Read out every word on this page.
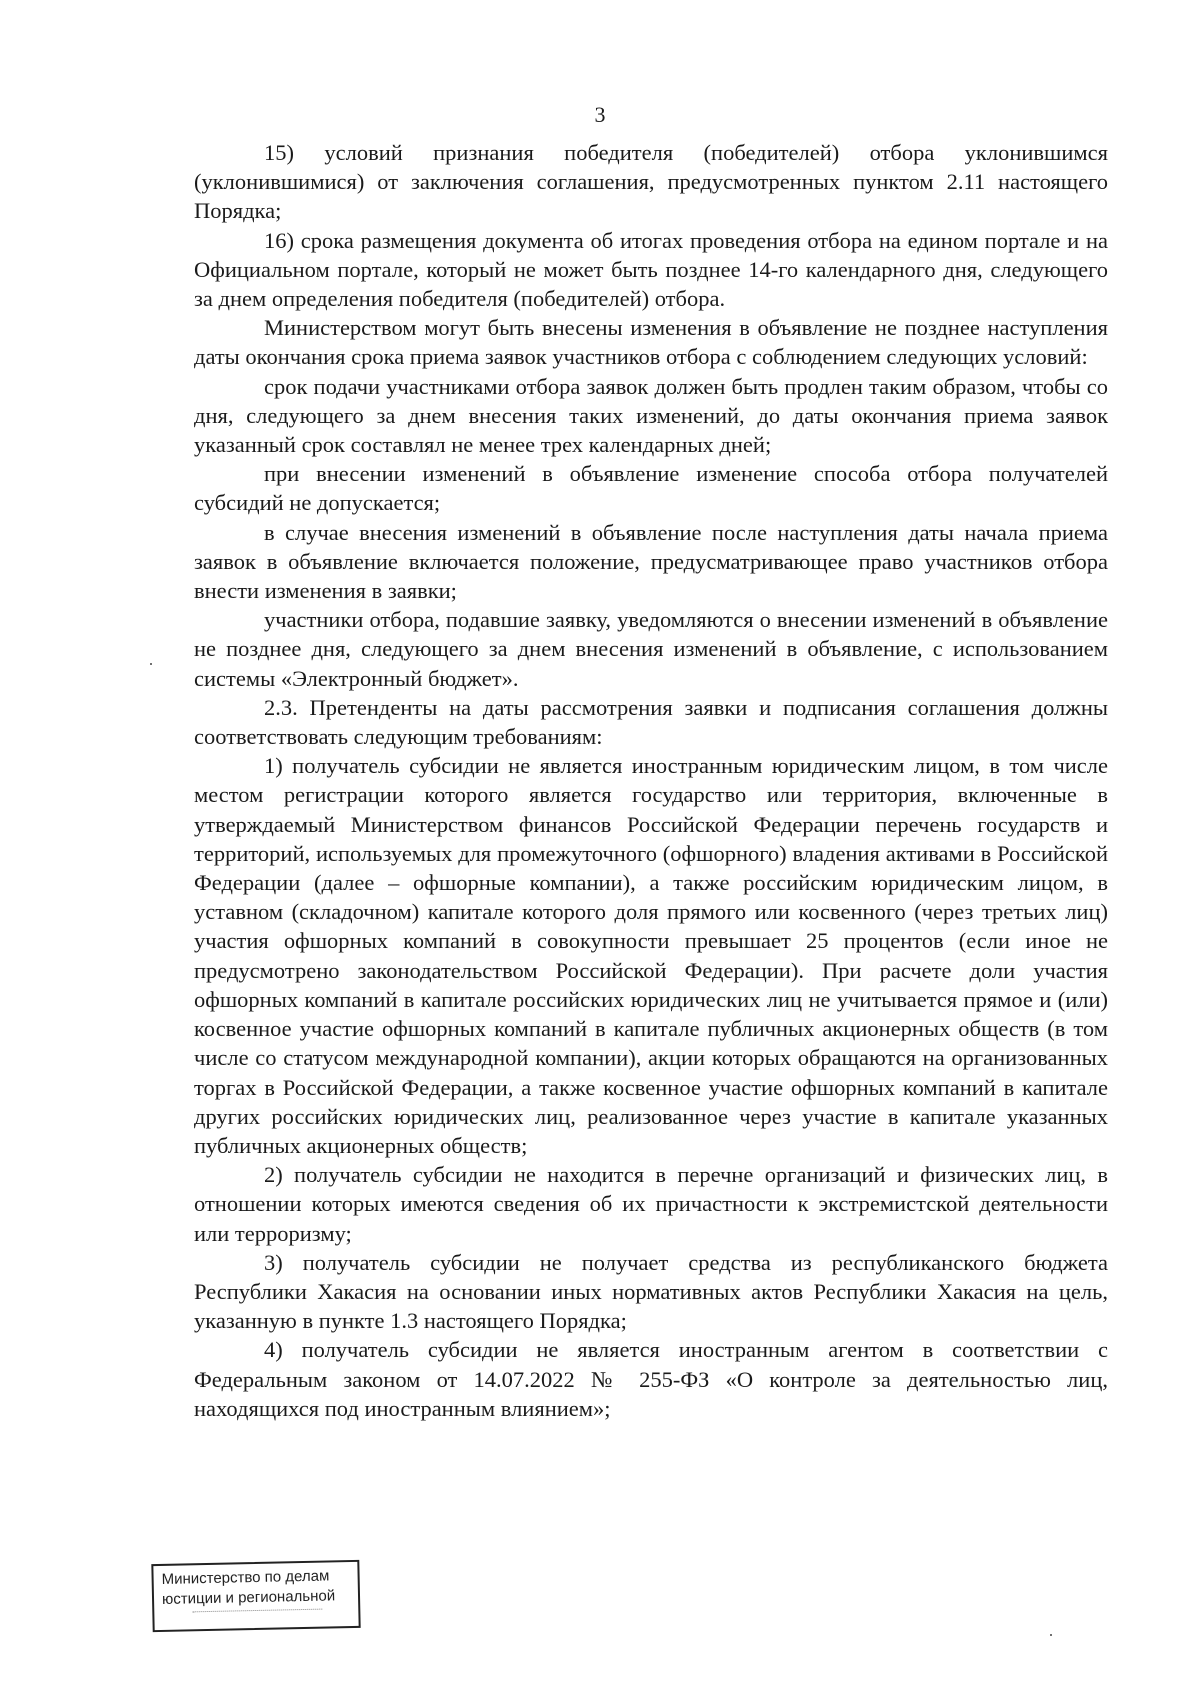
3

15) условий признания победителя (победителей) отбора уклонившимся (уклонившимися) от заключения соглашения, предусмотренных пунктом 2.11 настоящего Порядка;

16) срока размещения документа об итогах проведения отбора на едином портале и на Официальном портале, который не может быть позднее 14-го календарного дня, следующего за днем определения победителя (победителей) отбора.

Министерством могут быть внесены изменения в объявление не позднее наступления даты окончания срока приема заявок участников отбора с соблюдением следующих условий:

срок подачи участниками отбора заявок должен быть продлен таким образом, чтобы со дня, следующего за днем внесения таких изменений, до даты окончания приема заявок указанный срок составлял не менее трех календарных дней;

при внесении изменений в объявление изменение способа отбора получателей субсидий не допускается;

в случае внесения изменений в объявление после наступления даты начала приема заявок в объявление включается положение, предусматривающее право участников отбора внести изменения в заявки;

участники отбора, подавшие заявку, уведомляются о внесении изменений в объявление не позднее дня, следующего за днем внесения изменений в объявление, с использованием системы «Электронный бюджет».

2.3. Претенденты на даты рассмотрения заявки и подписания соглашения должны соответствовать следующим требованиям:

1) получатель субсидии не является иностранным юридическим лицом, в том числе местом регистрации которого является государство или территория, включенные в утверждаемый Министерством финансов Российской Федерации перечень государств и территорий, используемых для промежуточного (офшорного) владения активами в Российской Федерации (далее – офшорные компании), а также российским юридическим лицом, в уставном (складочном) капитале которого доля прямого или косвенного (через третьих лиц) участия офшорных компаний в совокупности превышает 25 процентов (если иное не предусмотрено законодательством Российской Федерации). При расчете доли участия офшорных компаний в капитале российских юридических лиц не учитывается прямое и (или) косвенное участие офшорных компаний в капитале публичных акционерных обществ (в том числе со статусом международной компании), акции которых обращаются на организованных торгах в Российской Федерации, а также косвенное участие офшорных компаний в капитале других российских юридических лиц, реализованное через участие в капитале указанных публичных акционерных обществ;

2) получатель субсидии не находится в перечне организаций и физических лиц, в отношении которых имеются сведения об их причастности к экстремистской деятельности или терроризму;

3) получатель субсидии не получает средства из республиканского бюджета Республики Хакасия на основании иных нормативных актов Республики Хакасия на цель, указанную в пункте 1.3 настоящего Порядка;

4) получатель субсидии не является иностранным агентом в соответствии с Федеральным законом от 14.07.2022 № 255-ФЗ «О контроле за деятельностью лиц, находящихся под иностранным влиянием»;

Министерство по делам
юстиции и региональной
